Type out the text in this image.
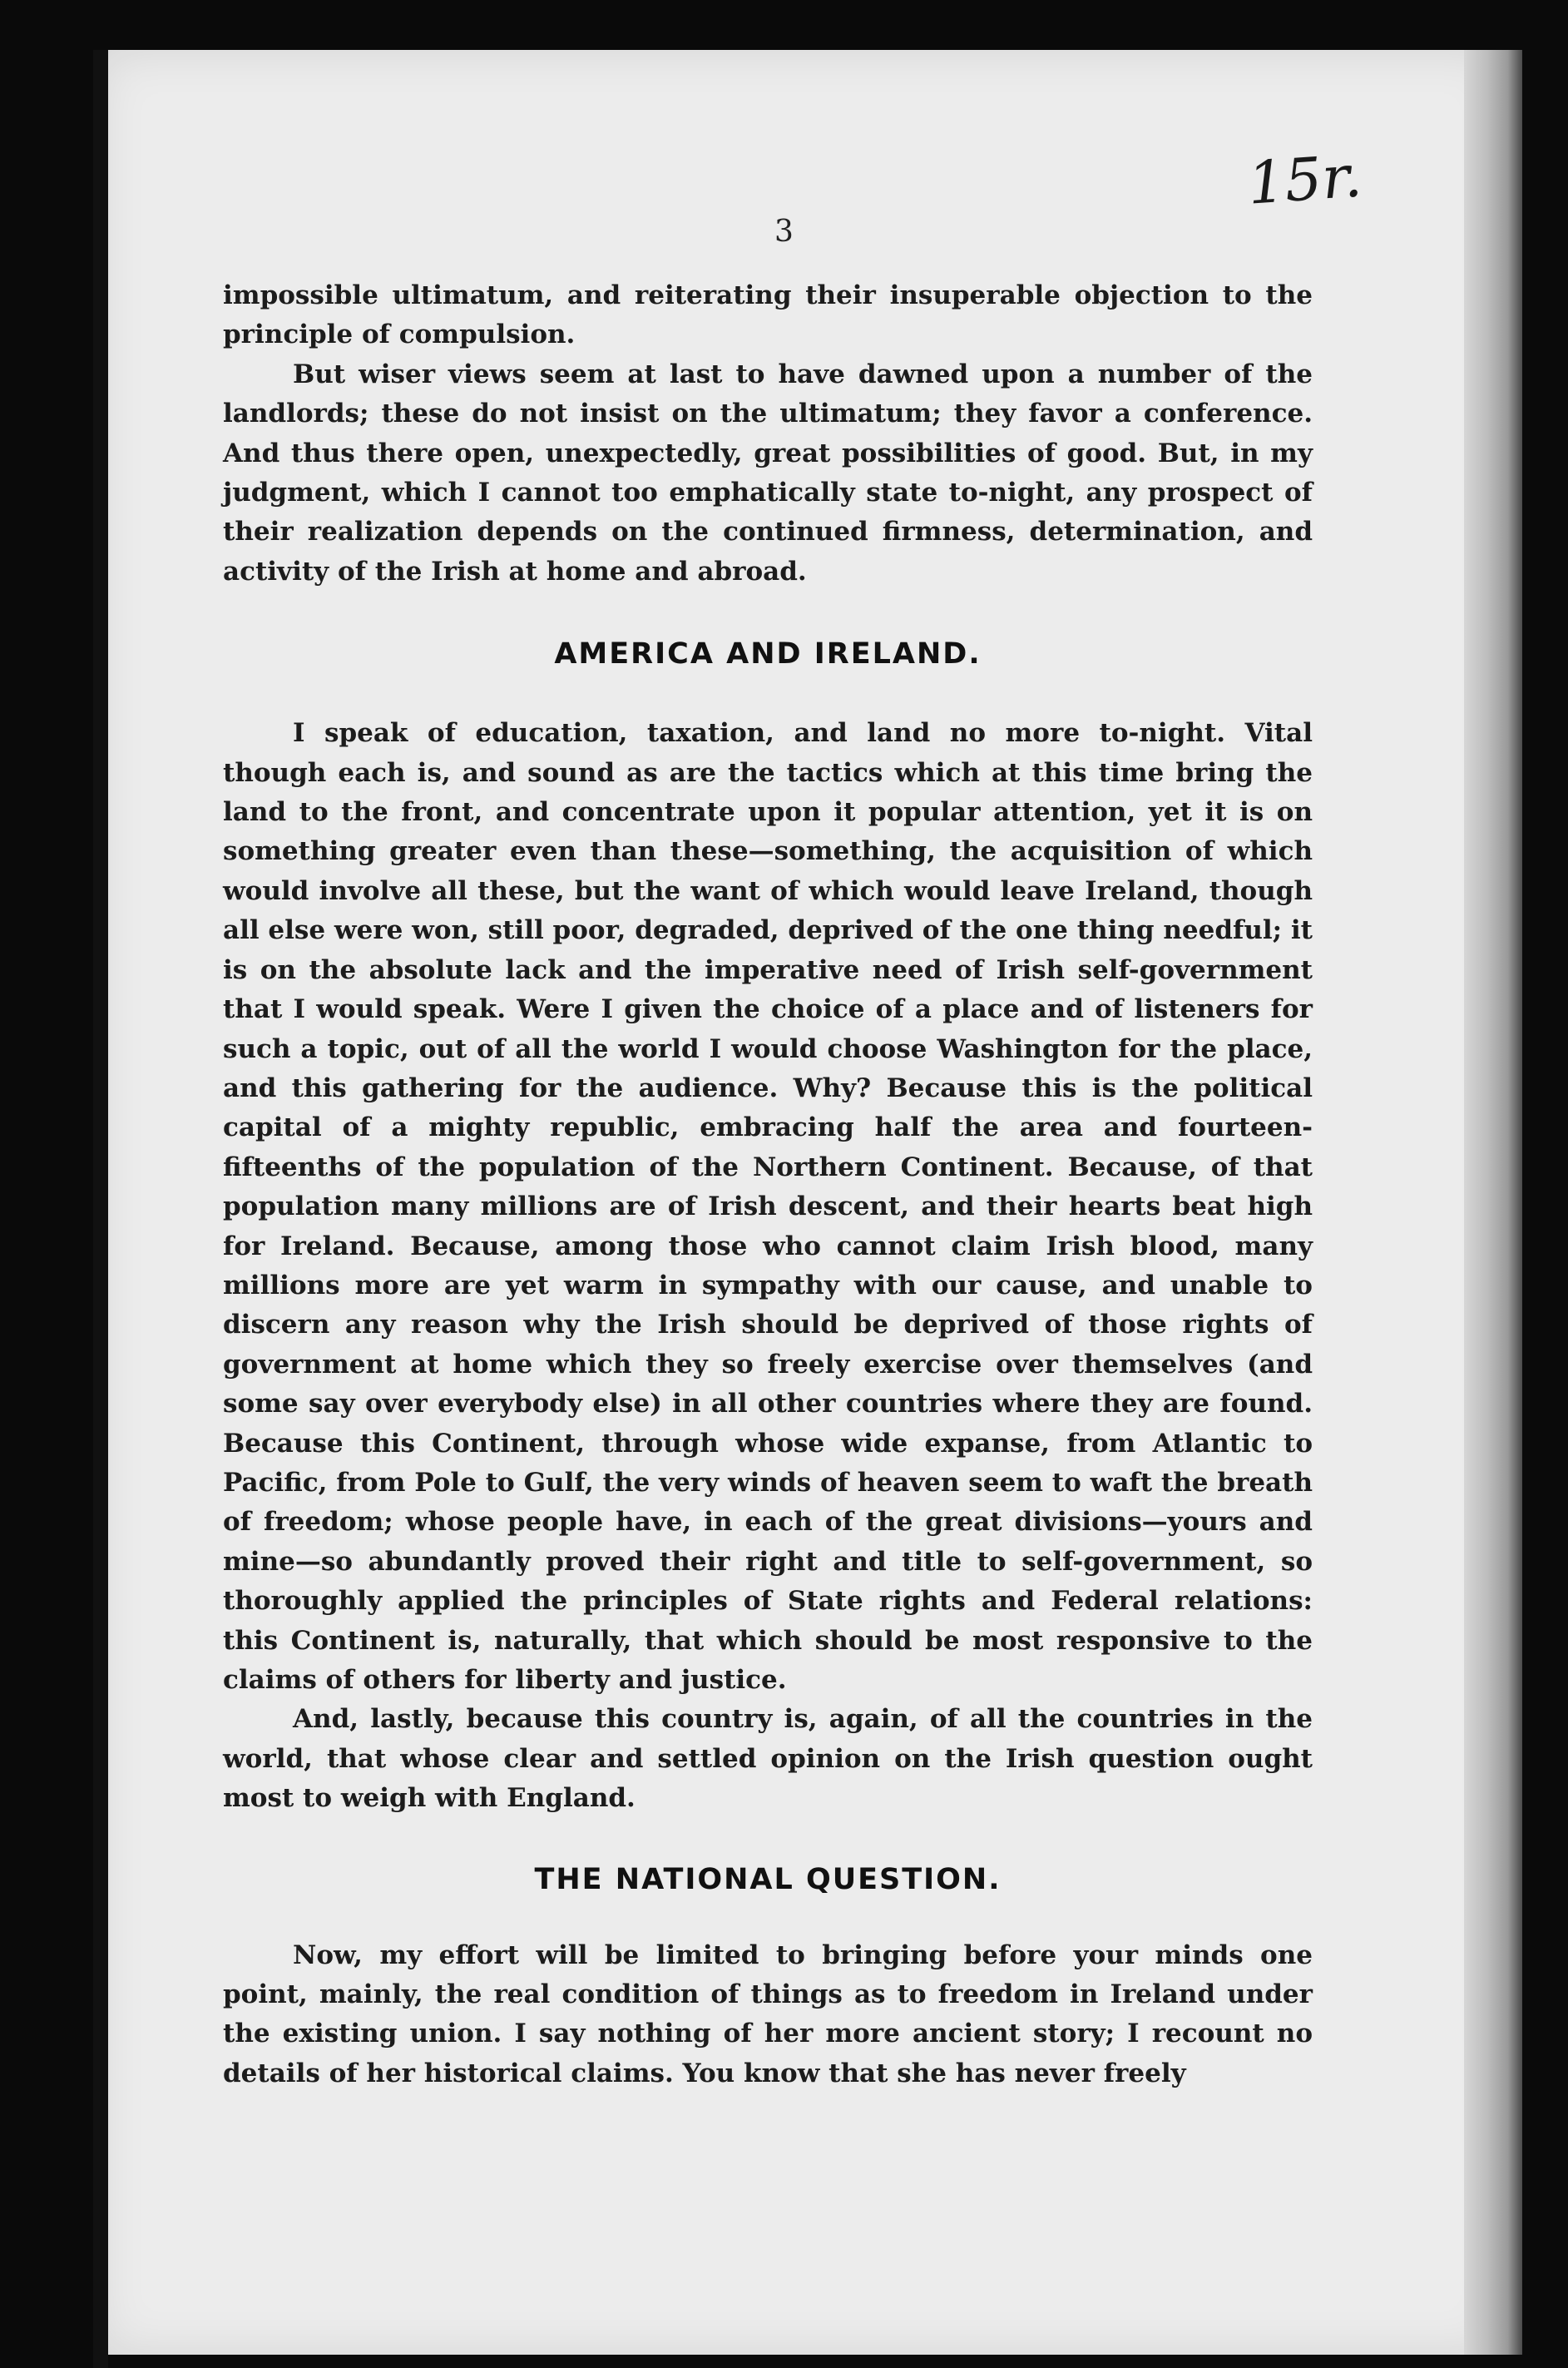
15r.
3

impossible ultimatum, and reiterating their insuperable objection to the principle of compulsion.

But wiser views seem at last to have dawned upon a number of the landlords; these do not insist on the ultimatum; they favor a conference. And thus there open, unexpectedly, great possibilities of good. But, in my judgment, which I cannot too emphatically state to-night, any prospect of their realization depends on the continued firmness, determination, and activity of the Irish at home and abroad.

AMERICA AND IRELAND.

I speak of education, taxation, and land no more to-night. Vital though each is, and sound as are the tactics which at this time bring the land to the front, and concentrate upon it popular attention, yet it is on something greater even than these—something, the acquisition of which would involve all these, but the want of which would leave Ireland, though all else were won, still poor, degraded, deprived of the one thing needful; it is on the absolute lack and the imperative need of Irish self-government that I would speak. Were I given the choice of a place and of listeners for such a topic, out of all the world I would choose Washington for the place, and this gathering for the audience. Why? Because this is the political capital of a mighty republic, embracing half the area and fourteen-fifteenths of the population of the Northern Continent. Because, of that population many millions are of Irish descent, and their hearts beat high for Ireland. Because, among those who cannot claim Irish blood, many millions more are yet warm in sympathy with our cause, and unable to discern any reason why the Irish should be deprived of those rights of government at home which they so freely exercise over themselves (and some say over everybody else) in all other countries where they are found. Because this Continent, through whose wide expanse, from Atlantic to Pacific, from Pole to Gulf, the very winds of heaven seem to waft the breath of freedom; whose people have, in each of the great divisions—yours and mine—so abundantly proved their right and title to self-government, so thoroughly applied the principles of State rights and Federal relations: this Continent is, naturally, that which should be most responsive to the claims of others for liberty and justice.

And, lastly, because this country is, again, of all the countries in the world, that whose clear and settled opinion on the Irish question ought most to weigh with England.

THE NATIONAL QUESTION.

Now, my effort will be limited to bringing before your minds one point, mainly, the real condition of things as to freedom in Ireland under the existing union. I say nothing of her more ancient story; I recount no details of her historical claims. You know that she has never freely
